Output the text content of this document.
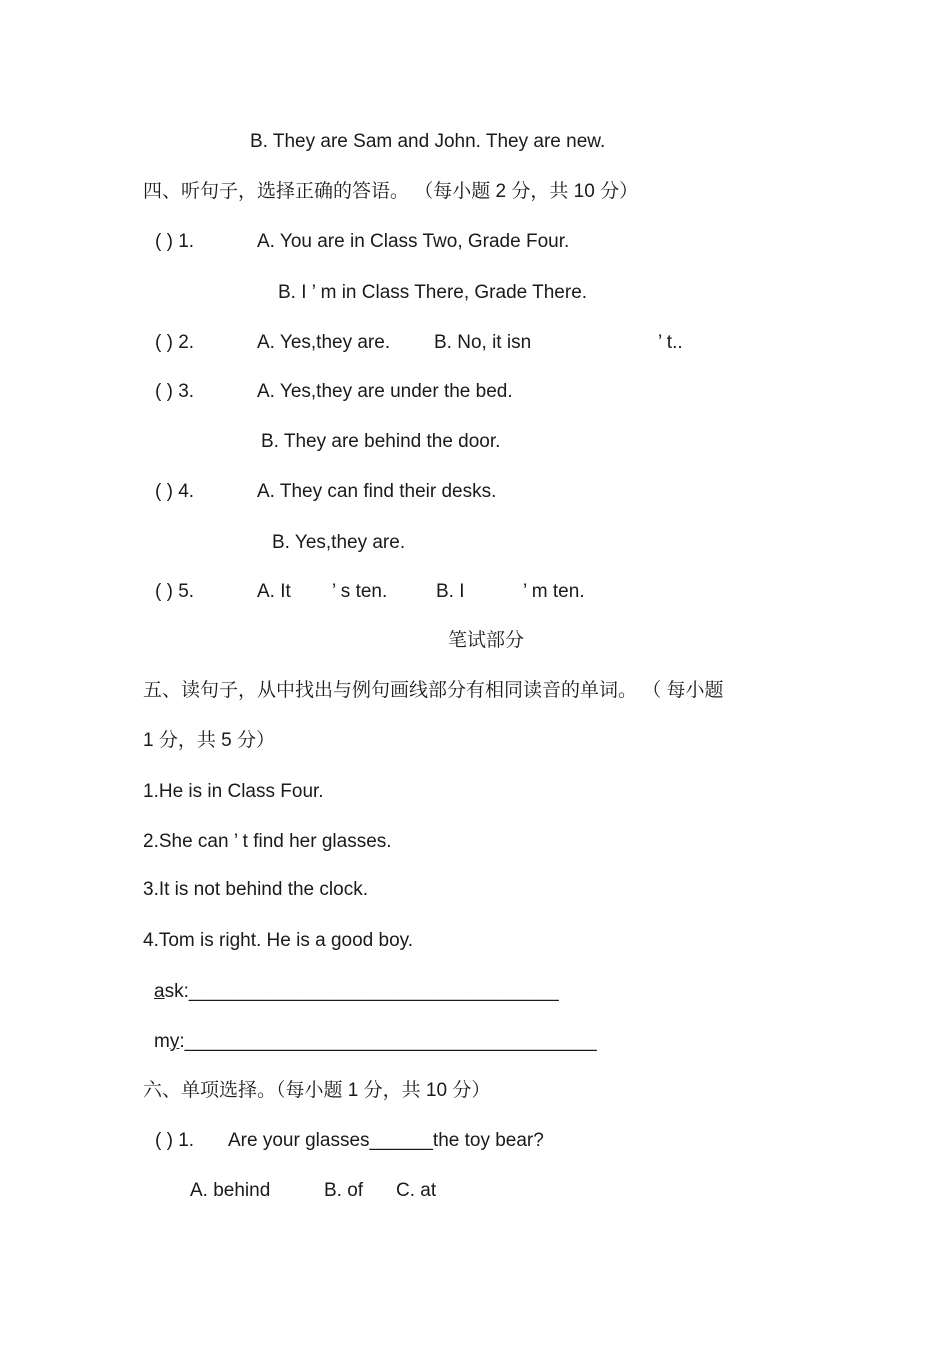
B. They are Sam and John. They are new.
四、听句子，选择正确的答语。 （每小题 2 分，共 10 分）
( ) 1.	A. You are in Class Two, Grade Four.
B. I ’ m in Class There, Grade There.
( ) 2.	A. Yes,they are. B. No, it isn	’ t..
( ) 3.	A. Yes,they are under the bed.
B. They are behind the door.
( ) 4.	A. They can find their desks.
B. Yes,they are.
( ) 5.	A. It ’ s ten.	B. I	’ m ten.
笔试部分
五、读句子，从中找出与例句画线部分有相同读音的单词。 （ 每小题
1 分，共 5 分）
1.He is in Class Four.
2.She can ’ t find her glasses.
3.It is not behind the clock.
4.Tom is right. He is a good boy.
ask:___________________________________
my:_______________________________________
六、单项选择。（每小题 1 分，共 10 分）
( ) 1. Are your glasses______the toy bear?
A. behind	B. of C. at
